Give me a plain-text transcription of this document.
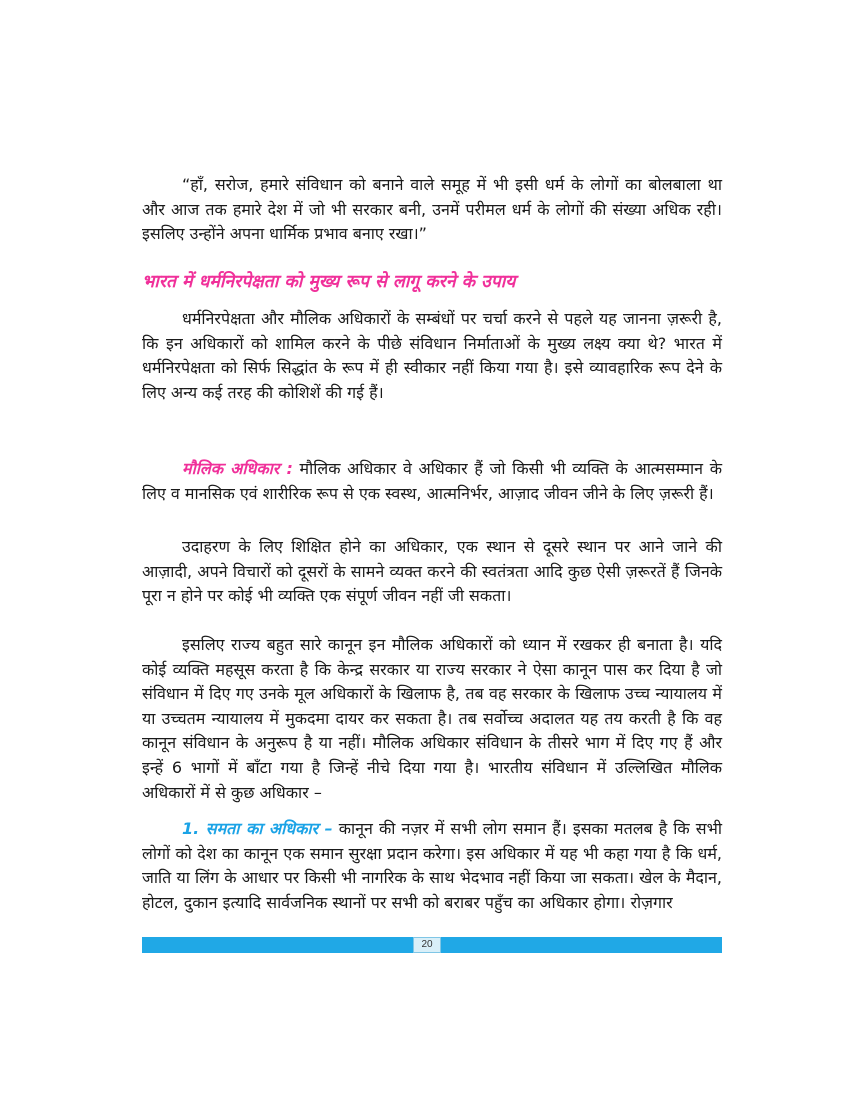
“हाँ, सरोज, हमारे संविधान को बनाने वाले समूह में भी इसी धर्म के लोगों का बोलबाला था और आज तक हमारे देश में जो भी सरकार बनी, उनमें परीमल धर्म के लोगों की संख्या अधिक रही। इसलिए उन्होंने अपना धार्मिक प्रभाव बनाए रखा।”

भारत में धर्मनिरपेक्षता को मुख्य रूप से लागू करने के उपाय

धर्मनिरपेक्षता और मौलिक अधिकारों के सम्बंधों पर चर्चा करने से पहले यह जानना ज़रूरी है, कि इन अधिकारों को शामिल करने के पीछे संविधान निर्माताओं के मुख्य लक्ष्य क्या थे? भारत में धर्मनिरपेक्षता को सिर्फ सिद्धांत के रूप में ही स्वीकार नहीं किया गया है। इसे व्यावहारिक रूप देने के लिए अन्य कई तरह की कोशिशें की गई हैं।

मौलिक अधिकार : मौलिक अधिकार वे अधिकार हैं जो किसी भी व्यक्ति के आत्मसम्मान के लिए व मानसिक एवं शारीरिक रूप से एक स्वस्थ, आत्मनिर्भर, आज़ाद जीवन जीने के लिए ज़रूरी हैं।

उदाहरण के लिए शिक्षित होने का अधिकार, एक स्थान से दूसरे स्थान पर आने जाने की आज़ादी, अपने विचारों को दूसरों के सामने व्यक्त करने की स्वतंत्रता आदि कुछ ऐसी ज़रूरतें हैं जिनके पूरा न होने पर कोई भी व्यक्ति एक संपूर्ण जीवन नहीं जी सकता।

इसलिए राज्य बहुत सारे कानून इन मौलिक अधिकारों को ध्यान में रखकर ही बनाता है। यदि कोई व्यक्ति महसूस करता है कि केन्द्र सरकार या राज्य सरकार ने ऐसा कानून पास कर दिया है जो संविधान में दिए गए उनके मूल अधिकारों के खिलाफ है, तब वह सरकार के खिलाफ उच्च न्यायालय में या उच्चतम न्यायालय में मुकदमा दायर कर सकता है। तब सर्वोच्च अदालत यह तय करती है कि वह कानून संविधान के अनुरूप है या नहीं। मौलिक अधिकार संविधान के तीसरे भाग में दिए गए हैं और इन्हें 6 भागों में बाँटा गया है जिन्हें नीचे दिया गया है। भारतीय संविधान में उल्लिखित मौलिक अधिकारों में से कुछ अधिकार –

1. समता का अधिकार – कानून की नज़र में सभी लोग समान हैं। इसका मतलब है कि सभी लोगों को देश का कानून एक समान सुरक्षा प्रदान करेगा। इस अधिकार में यह भी कहा गया है कि धर्म, जाति या लिंग के आधार पर किसी भी नागरिक के साथ भेदभाव नहीं किया जा सकता। खेल के मैदान, होटल, दुकान इत्यादि सार्वजनिक स्थानों पर सभी को बराबर पहुँच का अधिकार होगा। रोज़गार

20
